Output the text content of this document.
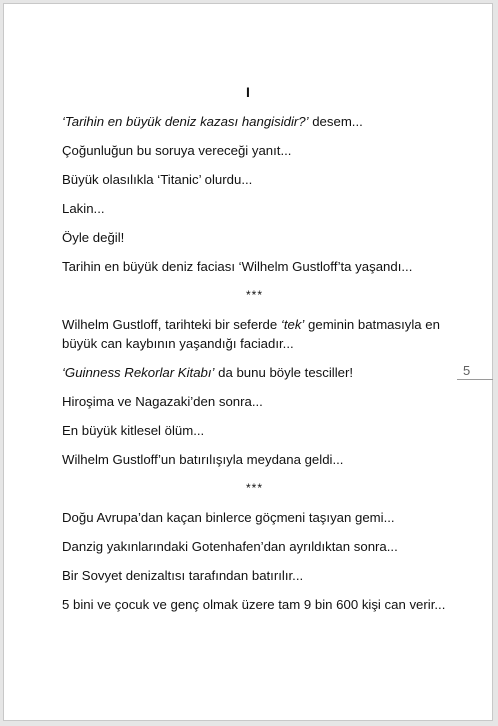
I

‘Tarihin en büyük deniz kazası hangisidir?’ desem...

Çoğunluğun bu soruya vereceği yanıt...

Büyük olasılıkla ‘Titanic’ olurdu...

Lakin...

Öyle değil!

Tarihin en büyük deniz faciası ‘Wilhelm Gustloff’ta yaşandı...

***

Wilhelm Gustloff, tarihteki bir seferde ‘tek’ geminin batmasıyla en büyük can kaybının yaşandığı faciadır...

‘Guinness Rekorlar Kitabı’ da bunu böyle tesciller!

Hiroşima ve Nagazaki’den sonra...

En büyük kitlesel ölüm...

Wilhelm Gustloff’un batırılışıyla meydana geldi...

***

Doğu Avrupa’dan kaçan binlerce göçmeni taşıyan gemi...

Danzig yakınlarındaki Gotenhafen’dan ayrıldıktan sonra...

Bir Sovyet denizaltısı tarafından batırılır...

5 bini ve çocuk ve genç olmak üzere tam 9 bin 600 kişi can verir...

5
